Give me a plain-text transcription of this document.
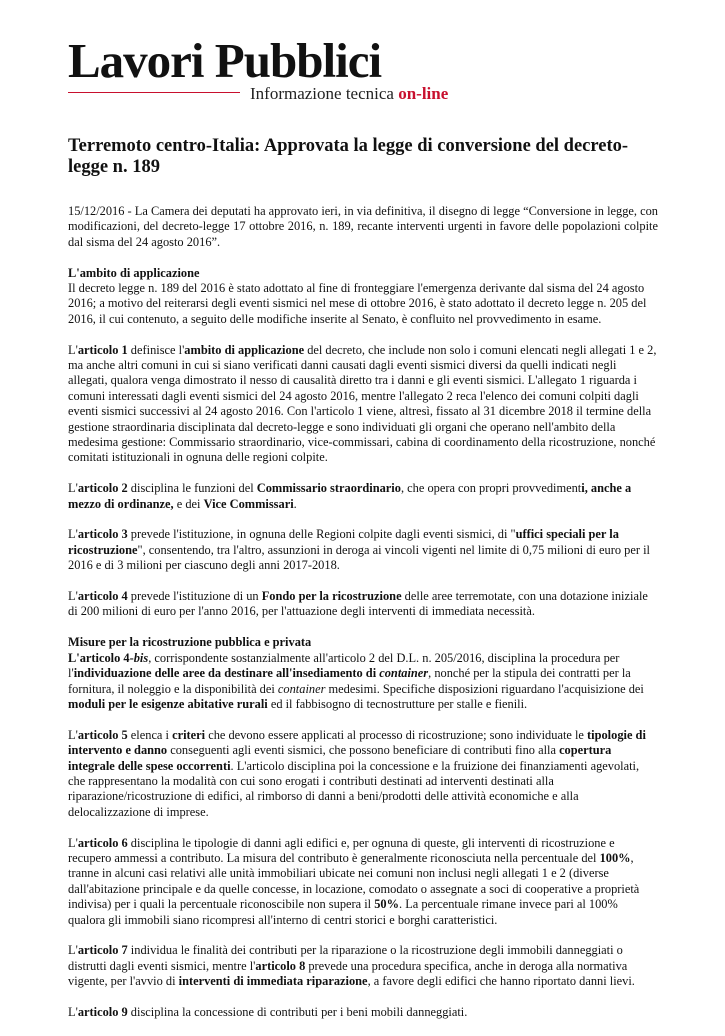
Lavori Pubblici
Informazione tecnica on-line
Terremoto centro-Italia: Approvata la legge di conversione del decreto-legge n. 189

15/12/2016 - La Camera dei deputati ha approvato ieri, in via definitiva, il disegno di legge “Conversione in legge, con modificazioni, del decreto-legge 17 ottobre 2016, n. 189, recante interventi urgenti in favore delle popolazioni colpite dal sisma del 24 agosto 2016”.

L'ambito di applicazione
Il decreto legge n. 189 del 2016 è stato adottato al fine di fronteggiare l'emergenza derivante dal sisma del 24 agosto 2016; a motivo del reiterarsi degli eventi sismici nel mese di ottobre 2016, è stato adottato il decreto legge n. 205 del 2016, il cui contenuto, a seguito delle modifiche inserite al Senato, è confluito nel provvedimento in esame.

L'articolo 1 definisce l'ambito di applicazione del decreto, che include non solo i comuni elencati negli allegati 1 e 2, ma anche altri comuni in cui si siano verificati danni causati dagli eventi sismici diversi da quelli indicati negli allegati, qualora venga dimostrato il nesso di causalità diretto tra i danni e gli eventi sismici. L'allegato 1 riguarda i comuni interessati dagli eventi sismici del 24 agosto 2016, mentre l'allegato 2 reca l'elenco dei comuni colpiti dagli eventi sismici successivi al 24 agosto 2016. Con l'articolo 1 viene, altresì, fissato al 31 dicembre 2018 il termine della gestione straordinaria disciplinata dal decreto-legge e sono individuati gli organi che operano nell'ambito della medesima gestione: Commissario straordinario, vice-commissari, cabina di coordinamento della ricostruzione, nonché comitati istituzionali in ognuna delle regioni colpite.

L'articolo 2 disciplina le funzioni del Commissario straordinario, che opera con propri provvedimenti, anche a mezzo di ordinanze, e dei Vice Commissari.

L'articolo 3 prevede l'istituzione, in ognuna delle Regioni colpite dagli eventi sismici, di "uffici speciali per la ricostruzione", consentendo, tra l'altro, assunzioni in deroga ai vincoli vigenti nel limite di 0,75 milioni di euro per il 2016 e di 3 milioni per ciascuno degli anni 2017-2018.

L'articolo 4 prevede l'istituzione di un Fondo per la ricostruzione delle aree terremotate, con una dotazione iniziale di 200 milioni di euro per l'anno 2016, per l'attuazione degli interventi di immediata necessità.

Misure per la ricostruzione pubblica e privata
L'articolo 4-bis, corrispondente sostanzialmente all'articolo 2 del D.L. n. 205/2016, disciplina la procedura per l'individuazione delle aree da destinare all'insediamento di container, nonché per la stipula dei contratti per la fornitura, il noleggio e la disponibilità dei container medesimi. Specifiche disposizioni riguardano l'acquisizione dei moduli per le esigenze abitative rurali ed il fabbisogno di tecnostrutture per stalle e fienili.

L'articolo 5 elenca i criteri che devono essere applicati al processo di ricostruzione; sono individuate le tipologie di intervento e danno conseguenti agli eventi sismici, che possono beneficiare di contributi fino alla copertura integrale delle spese occorrenti. L'articolo disciplina poi la concessione e la fruizione dei finanziamenti agevolati, che rappresentano la modalità con cui sono erogati i contributi destinati ad interventi destinati alla riparazione/ricostruzione di edifici, al rimborso di danni a beni/prodotti delle attività economiche e alla delocalizzazione di imprese.

L'articolo 6 disciplina le tipologie di danni agli edifici e, per ognuna di queste, gli interventi di ricostruzione e recupero ammessi a contributo. La misura del contributo è generalmente riconosciuta nella percentuale del 100%, tranne in alcuni casi relativi alle unità immobiliari ubicate nei comuni non inclusi negli allegati 1 e 2 (diverse dall'abitazione principale e da quelle concesse, in locazione, comodato o assegnate a soci di cooperative a proprietà indivisa) per i quali la percentuale riconoscibile non supera il 50%. La percentuale rimane invece pari al 100% qualora gli immobili siano ricompresi all'interno di centri storici e borghi caratteristici.

L'articolo 7 individua le finalità dei contributi per la riparazione o la ricostruzione degli immobili danneggiati o distrutti dagli eventi sismici, mentre l'articolo 8 prevede una procedura specifica, anche in deroga alla normativa vigente, per l'avvio di interventi di immediata riparazione, a favore degli edifici che hanno riportato danni lievi.

L'articolo 9 disciplina la concessione di contributi per i beni mobili danneggiati.
